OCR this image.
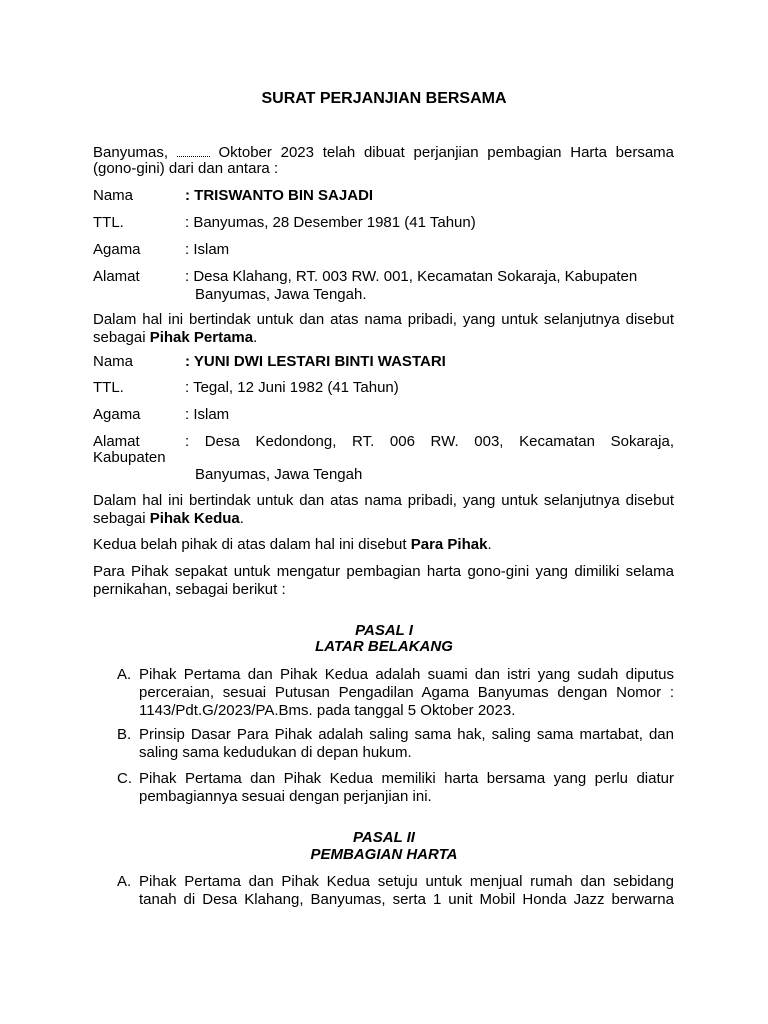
SURAT PERJANJIAN BERSAMA
Banyumas,	Oktober 2023 telah dibuat perjanjian pembagian Harta bersama
(gono-gini) dari dan antara :
Nama	: TRISWANTO BIN SAJADI
TTL.	: Banyumas, 28 Desember 1981 (41 Tahun)
Agama	: Islam
Alamat	: Desa Klahang, RT. 003 RW. 001, Kecamatan Sokaraja, Kabupaten Banyumas, Jawa Tengah.
Dalam hal ini bertindak untuk dan atas nama pribadi, yang untuk selanjutnya disebut sebagai Pihak Pertama.
Nama	: YUNI DWI LESTARI BINTI WASTARI
TTL.	: Tegal, 12 Juni 1982 (41 Tahun)
Agama	: Islam
Alamat	: Desa Kedondong, RT. 006 RW. 003, Kecamatan Sokaraja,
Kabupaten
Banyumas, Jawa Tengah
Dalam hal ini bertindak untuk dan atas nama pribadi, yang untuk selanjutnya disebut sebagai Pihak Kedua.
Kedua belah pihak di atas dalam hal ini disebut Para Pihak.
Para Pihak sepakat untuk mengatur pembagian harta gono-gini yang dimiliki selama pernikahan, sebagai berikut :
PASAL I
LATAR BELAKANG
A. Pihak Pertama dan Pihak Kedua adalah suami dan istri yang sudah diputus perceraian, sesuai Putusan Pengadilan Agama Banyumas dengan Nomor : 1143/Pdt.G/2023/PA.Bms. pada tanggal 5 Oktober 2023.
B. Prinsip Dasar Para Pihak adalah saling sama hak, saling sama martabat, dan saling sama kedudukan di depan hukum.
C. Pihak Pertama dan Pihak Kedua memiliki harta bersama yang perlu diatur pembagiannya sesuai dengan perjanjian ini.
PASAL II
PEMBAGIAN HARTA
A. Pihak Pertama dan Pihak Kedua setuju untuk menjual rumah dan sebidang tanah di Desa Klahang, Banyumas, serta 1 unit Mobil Honda Jazz berwarna
